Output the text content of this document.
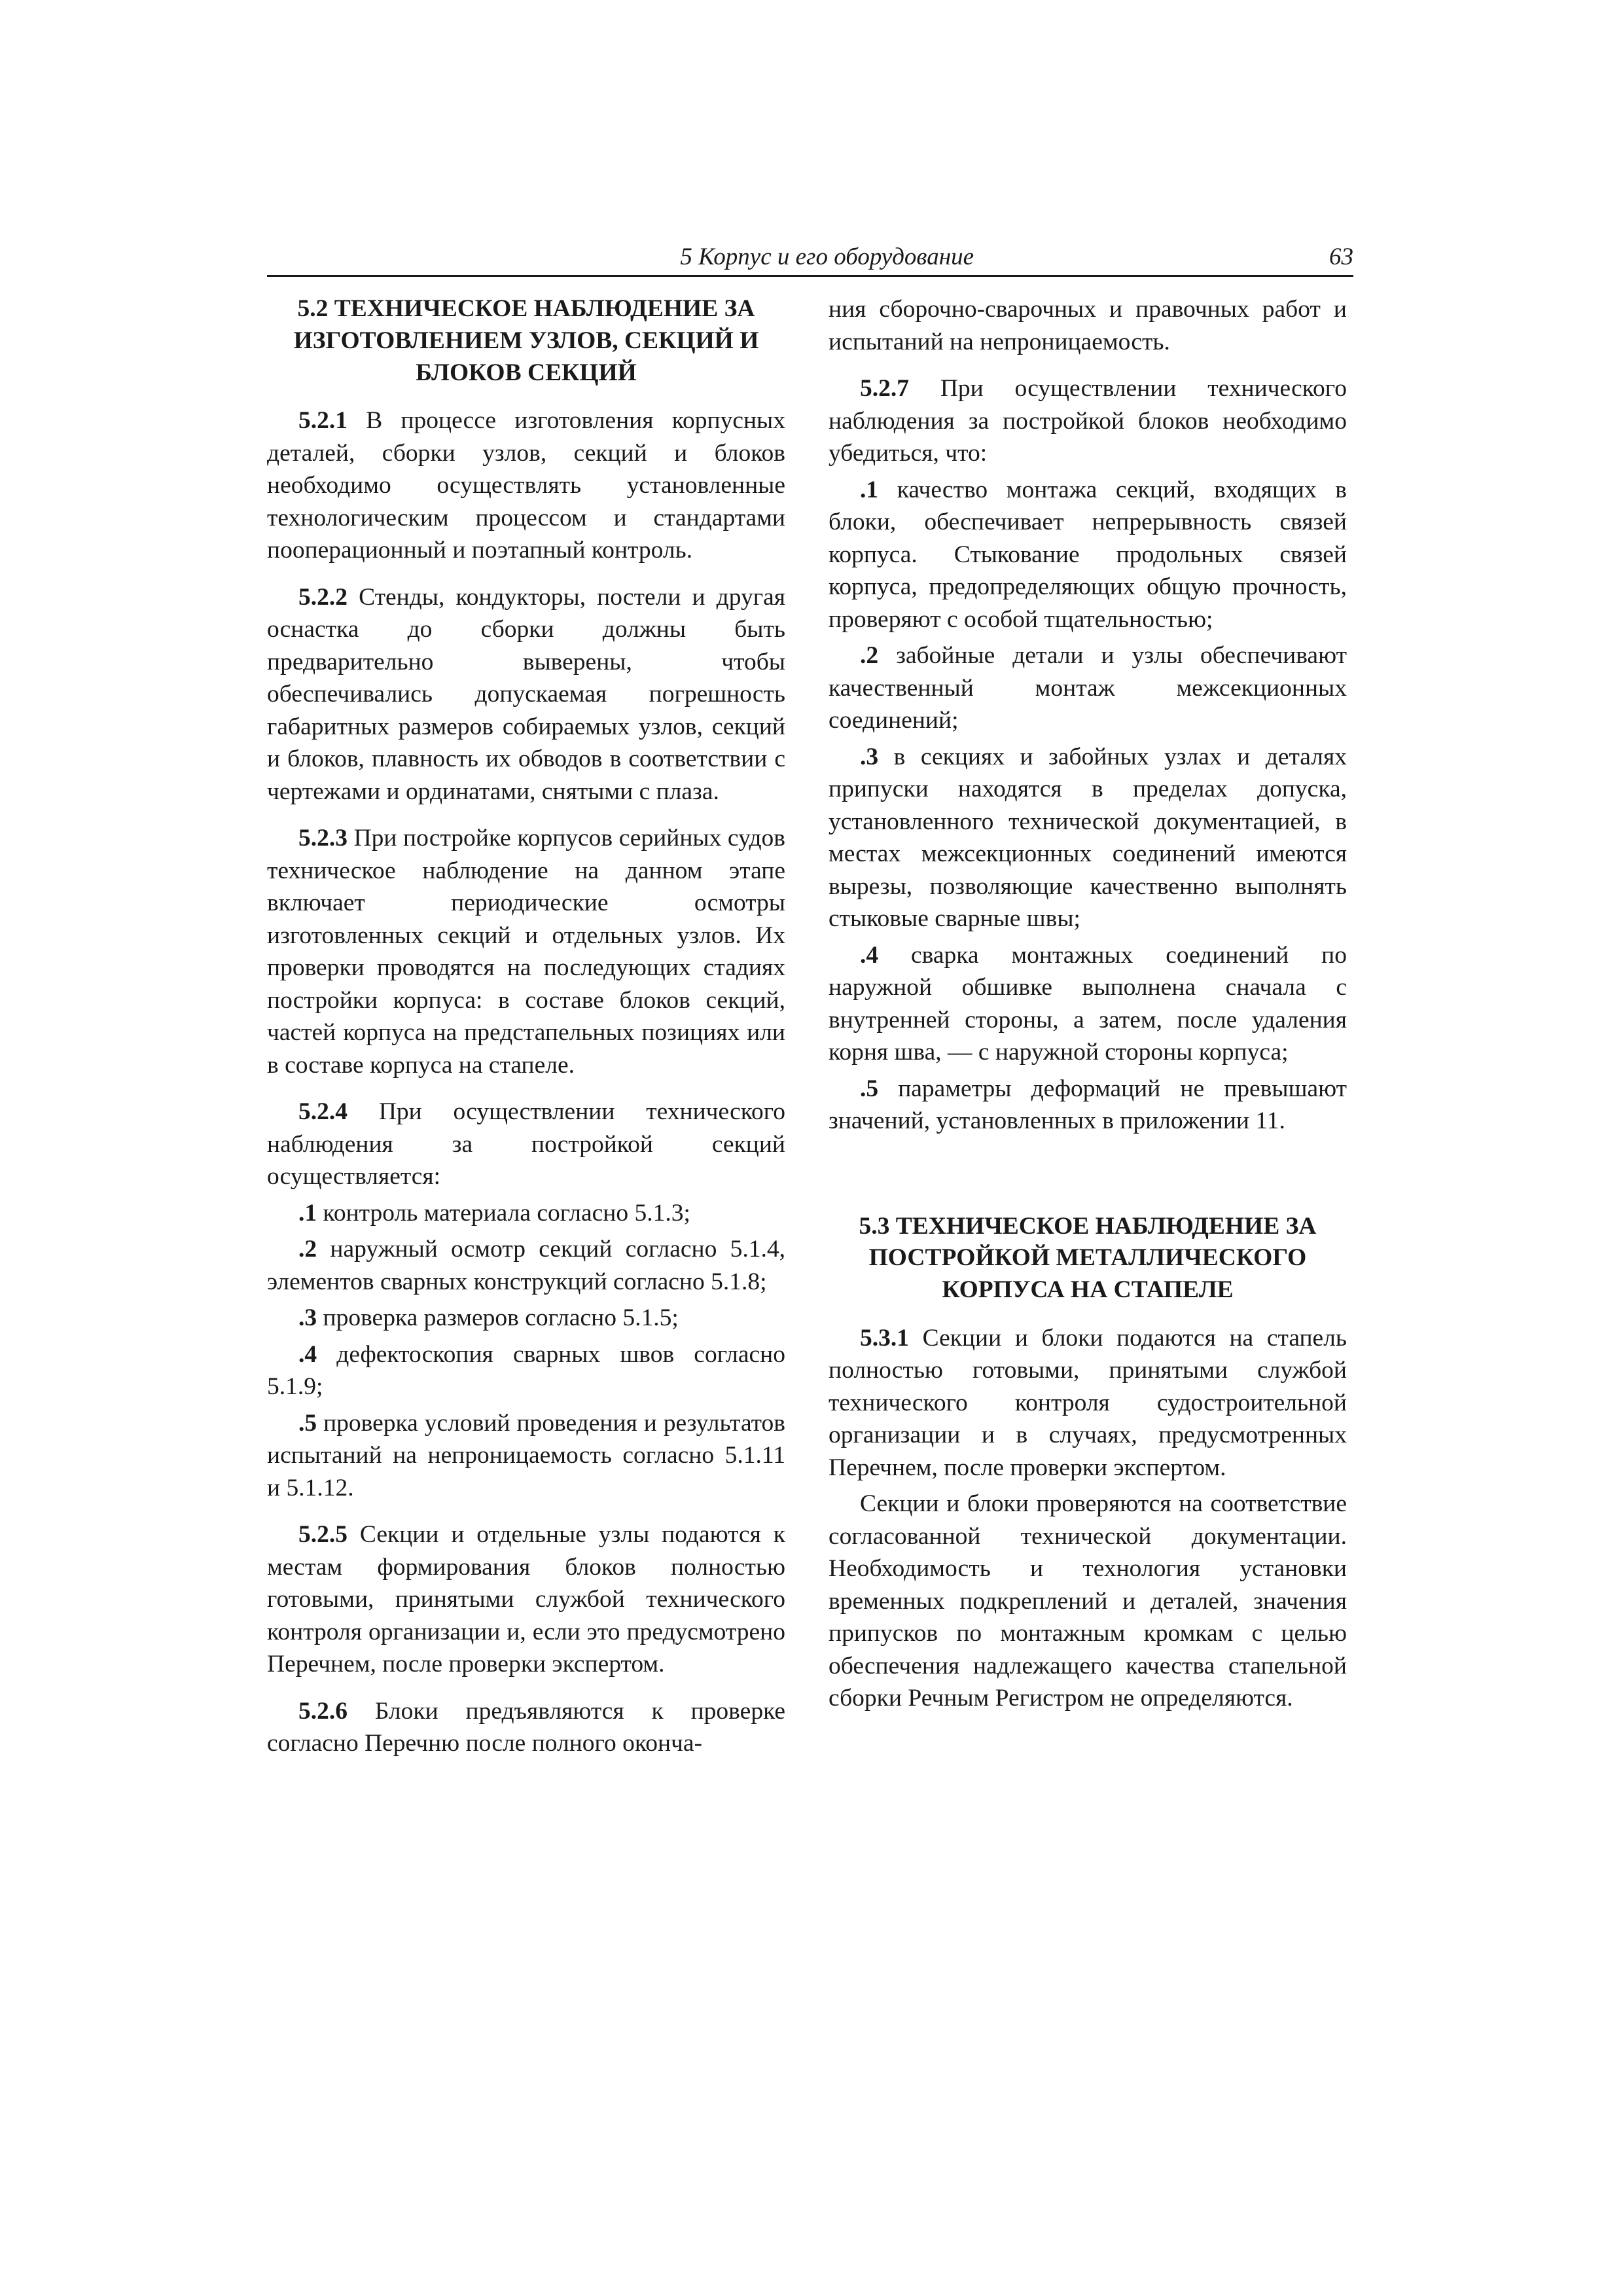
5 Корпус и его оборудование	63
5.2 ТЕХНИЧЕСКОЕ НАБЛЮДЕНИЕ ЗА ИЗГОТОВЛЕНИЕМ УЗЛОВ, СЕКЦИЙ И БЛОКОВ СЕКЦИЙ

5.2.1 В процессе изготовления корпусных деталей, сборки узлов, секций и блоков необходимо осуществлять установленные технологическим процессом и стандартами пооперационный и поэтапный контроль.

5.2.2 Стенды, кондукторы, постели и другая оснастка до сборки должны быть предварительно выверены, чтобы обеспечивались допускаемая погрешность габаритных размеров собираемых узлов, секций и блоков, плавность их обводов в соответствии с чертежами и ординатами, снятыми с плаза.

5.2.3 При постройке корпусов серийных судов техническое наблюдение на данном этапе включает периодические осмотры изготовленных секций и отдельных узлов. Их проверки проводятся на последующих стадиях постройки корпуса: в составе блоков секций, частей корпуса на предстапельных позициях или в составе корпуса на стапеле.

5.2.4 При осуществлении технического наблюдения за постройкой секций осуществляется:

.1 контроль материала согласно 5.1.3;

.2 наружный осмотр секций согласно 5.1.4, элементов сварных конструкций согласно 5.1.8;

.3 проверка размеров согласно 5.1.5;

.4 дефектоскопия сварных швов согласно 5.1.9;

.5 проверка условий проведения и результатов испытаний на непроницаемость согласно 5.1.11 и 5.1.12.

5.2.5 Секции и отдельные узлы подаются к местам формирования блоков полностью готовыми, принятыми службой технического контроля организации и, если это предусмотрено Перечнем, после проверки экспертом.

5.2.6 Блоки предъявляются к проверке согласно Перечню после полного оконча-

ния сборочно-сварочных и правочных работ и испытаний на непроницаемость.

5.2.7 При осуществлении технического наблюдения за постройкой блоков необходимо убедиться, что:

.1 качество монтажа секций, входящих в блоки, обеспечивает непрерывность связей корпуса. Стыкование продольных связей корпуса, предопределяющих общую прочность, проверяют с особой тщательностью;

.2 забойные детали и узлы обеспечивают качественный монтаж межсекционных соединений;

.3 в секциях и забойных узлах и деталях припуски находятся в пределах допуска, установленного технической документацией, в местах межсекционных соединений имеются вырезы, позволяющие качественно выполнять стыковые сварные швы;

.4 сварка монтажных соединений по наружной обшивке выполнена сначала с внутренней стороны, а затем, после удаления корня шва, — с наружной стороны корпуса;

.5 параметры деформаций не превышают значений, установленных в приложении 11.

5.3 ТЕХНИЧЕСКОЕ НАБЛЮДЕНИЕ ЗА ПОСТРОЙКОЙ МЕТАЛЛИЧЕСКОГО КОРПУСА НА СТАПЕЛЕ

5.3.1 Секции и блоки подаются на стапель полностью готовыми, принятыми службой технического контроля судостроительной организации и в случаях, предусмотренных Перечнем, после проверки экспертом.

Секции и блоки проверяются на соответствие согласованной технической документации. Необходимость и технология установки временных подкреплений и деталей, значения припусков по монтажным кромкам с целью обеспечения надлежащего качества стапельной сборки Речным Регистром не определяются.
